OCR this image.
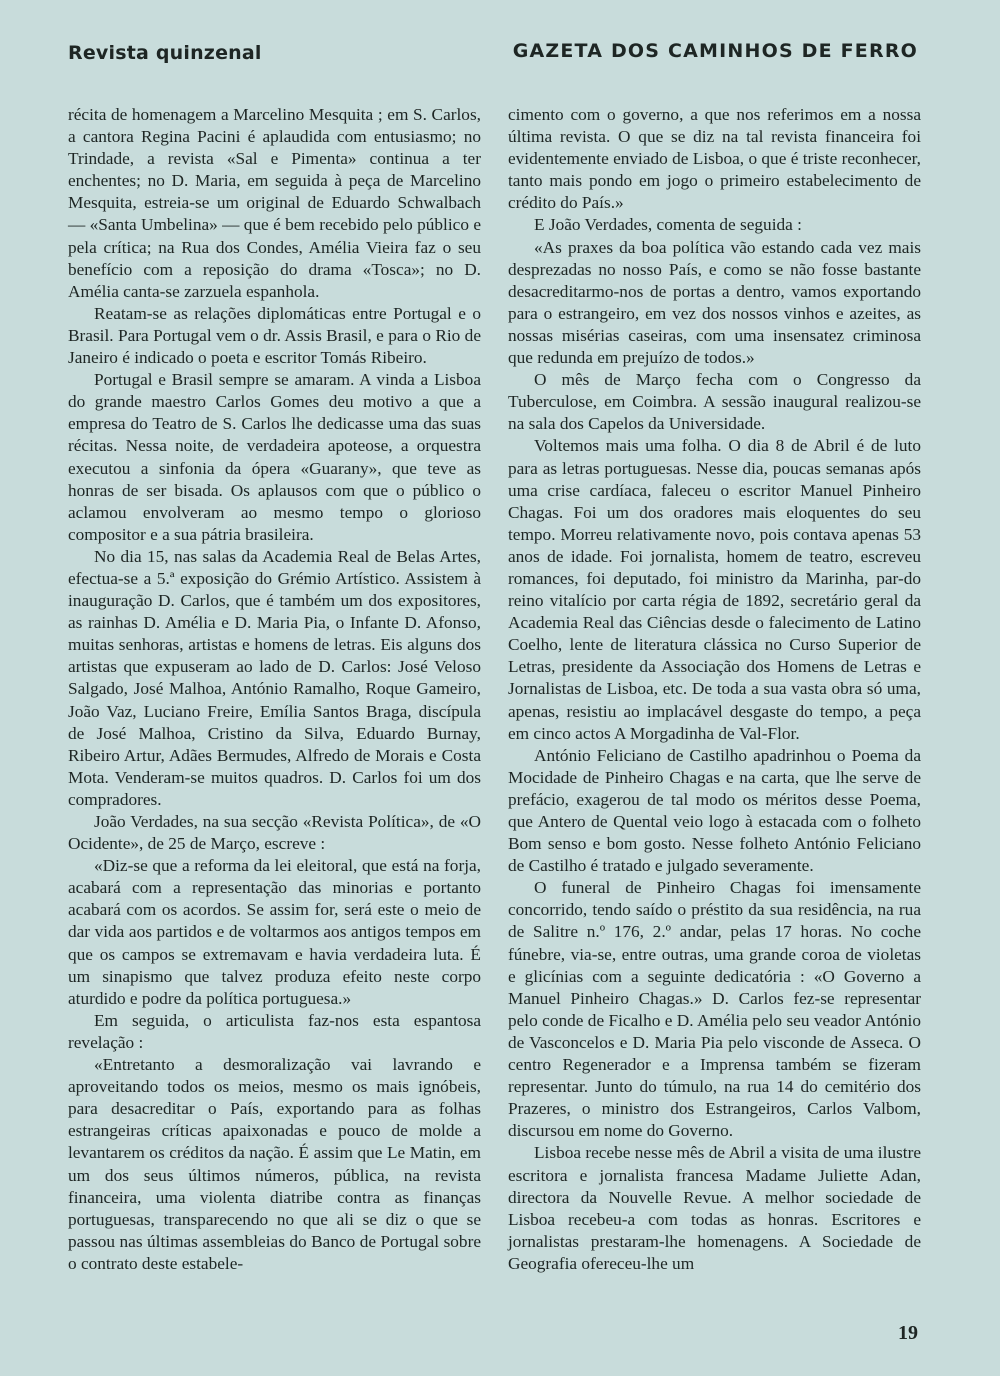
Revista quinzenal	GAZETA DOS CAMINHOS DE FERRO

récita de homenagem a Marcelino Mesquita ; em S. Carlos, a cantora Regina Pacini é aplaudida com entusiasmo; no Trindade, a revista «Sal e Pimenta» continua a ter enchentes; no D. Maria, em seguida à peça de Marcelino Mesquita, estreia-se um original de Eduardo Schwalbach — «Santa Umbelina» — que é bem recebido pelo público e pela crítica; na Rua dos Condes, Amélia Vieira faz o seu benefício com a reposição do drama «Tosca»; no D. Amélia canta-se zarzuela espanhola.

Reatam-se as relações diplomáticas entre Portugal e o Brasil. Para Portugal vem o dr. Assis Brasil, e para o Rio de Janeiro é indicado o poeta e escritor Tomás Ribeiro.

Portugal e Brasil sempre se amaram. A vinda a Lisboa do grande maestro Carlos Gomes deu motivo a que a empresa do Teatro de S. Carlos lhe dedicasse uma das suas récitas. Nessa noite, de verdadeira apoteose, a orquestra executou a sinfonia da ópera «Guarany», que teve as honras de ser bisada. Os aplausos com que o público o aclamou envolveram ao mesmo tempo o glorioso compositor e a sua pátria brasileira.

No dia 15, nas salas da Academia Real de Belas Artes, efectua-se a 5.ª exposição do Grémio Artístico. Assistem à inauguração D. Carlos, que é também um dos expositores, as rainhas D. Amélia e D. Maria Pia, o Infante D. Afonso, muitas senhoras, artistas e homens de letras. Eis alguns dos artistas que expuseram ao lado de D. Carlos: José Veloso Salgado, José Malhoa, António Ramalho, Roque Gameiro, João Vaz, Luciano Freire, Emília Santos Braga, discípula de José Malhoa, Cristino da Silva, Eduardo Burnay, Ribeiro Artur, Adães Bermudes, Alfredo de Morais e Costa Mota. Venderam-se muitos quadros. D. Carlos foi um dos compradores.

João Verdades, na sua secção «Revista Política», de «O Ocidente», de 25 de Março, escreve :

«Diz-se que a reforma da lei eleitoral, que está na forja, acabará com a representação das minorias e portanto acabará com os acordos. Se assim for, será este o meio de dar vida aos partidos e de voltarmos aos antigos tempos em que os campos se extremavam e havia verdadeira luta. É um sinapismo que talvez produza efeito neste corpo aturdido e podre da política portuguesa.»

Em seguida, o articulista faz-nos esta espantosa revelação :

«Entretanto a desmoralização vai lavrando e aproveitando todos os meios, mesmo os mais ignóbeis, para desacreditar o País, exportando para as folhas estrangeiras críticas apaixonadas e pouco de molde a levantarem os créditos da nação. É assim que Le Matin, em um dos seus últimos números, pública, na revista financeira, uma violenta diatribe contra as finanças portuguesas, transparecendo no que ali se diz o que se passou nas últimas assembleias do Banco de Portugal sobre o contrato deste estabele-

cimento com o governo, a que nos referimos em a nossa última revista. O que se diz na tal revista financeira foi evidentemente enviado de Lisboa, o que é triste reconhecer, tanto mais pondo em jogo o primeiro estabelecimento de crédito do País.»

E João Verdades, comenta de seguida :

«As praxes da boa política vão estando cada vez mais desprezadas no nosso País, e como se não fosse bastante desacreditarmo-nos de portas a dentro, vamos exportando para o estrangeiro, em vez dos nossos vinhos e azeites, as nossas misérias caseiras, com uma insensatez criminosa que redunda em prejuízo de todos.»

O mês de Março fecha com o Congresso da Tuberculose, em Coimbra. A sessão inaugural realizou-se na sala dos Capelos da Universidade.

Voltemos mais uma folha. O dia 8 de Abril é de luto para as letras portuguesas. Nesse dia, poucas semanas após uma crise cardíaca, faleceu o escritor Manuel Pinheiro Chagas. Foi um dos oradores mais eloquentes do seu tempo. Morreu relativamente novo, pois contava apenas 53 anos de idade. Foi jornalista, homem de teatro, escreveu romances, foi deputado, foi ministro da Marinha, par-do reino vitalício por carta régia de 1892, secretário geral da Academia Real das Ciências desde o falecimento de Latino Coelho, lente de literatura clássica no Curso Superior de Letras, presidente da Associação dos Homens de Letras e Jornalistas de Lisboa, etc. De toda a sua vasta obra só uma, apenas, resistiu ao implacável desgaste do tempo, a peça em cinco actos A Morgadinha de Val-Flor.

António Feliciano de Castilho apadrinhou o Poema da Mocidade de Pinheiro Chagas e na carta, que lhe serve de prefácio, exagerou de tal modo os méritos desse Poema, que Antero de Quental veio logo à estacada com o folheto Bom senso e bom gosto. Nesse folheto António Feliciano de Castilho é tratado e julgado severamente.

O funeral de Pinheiro Chagas foi imensamente concorrido, tendo saído o préstito da sua residência, na rua de Salitre n.º 176, 2.º andar, pelas 17 horas. No coche fúnebre, via-se, entre outras, uma grande coroa de violetas e glicínias com a seguinte dedicatória : «O Governo a Manuel Pinheiro Chagas.» D. Carlos fez-se representar pelo conde de Ficalho e D. Amélia pelo seu veador António de Vasconcelos e D. Maria Pia pelo visconde de Asseca. O centro Regenerador e a Imprensa também se fizeram representar. Junto do túmulo, na rua 14 do cemitério dos Prazeres, o ministro dos Estrangeiros, Carlos Valbom, discursou em nome do Governo.

Lisboa recebe nesse mês de Abril a visita de uma ilustre escritora e jornalista francesa Madame Juliette Adan, directora da Nouvelle Revue. A melhor sociedade de Lisboa recebeu-a com todas as honras. Escritores e jornalistas prestaram-lhe homenagens. A Sociedade de Geografia ofereceu-lhe um

19
